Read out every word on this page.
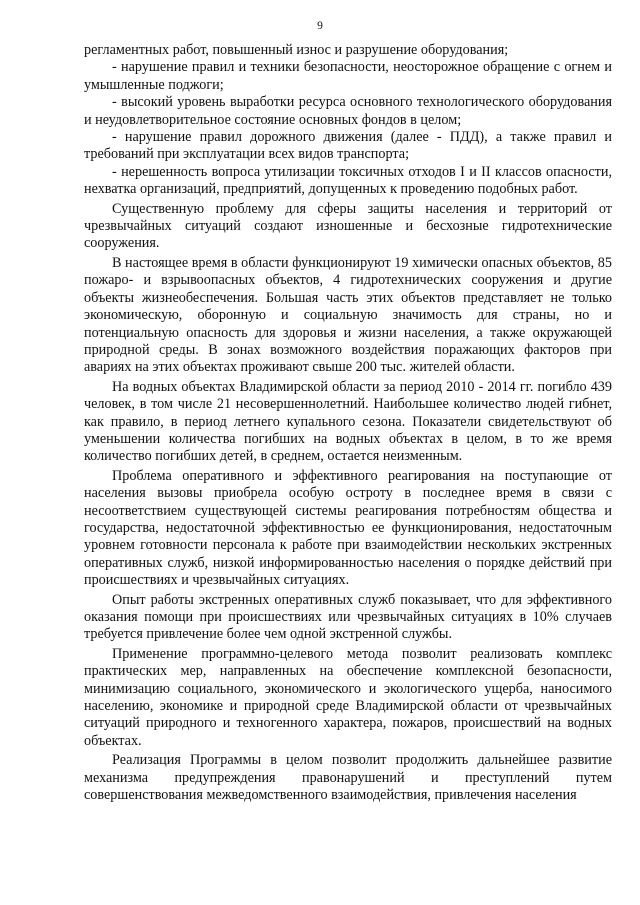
9

регламентных работ, повышенный износ и разрушение оборудования;

- нарушение правил и техники безопасности, неосторожное обращение с огнем и умышленные поджоги;

- высокий уровень выработки ресурса основного технологического оборудования и неудовлетворительное состояние основных фондов в целом;

- нарушение правил дорожного движения (далее - ПДД), а также правил и требований при эксплуатации всех видов транспорта;

- нерешенность вопроса утилизации токсичных отходов I и II классов опасности, нехватка организаций, предприятий, допущенных к проведению подобных работ.

Существенную проблему для сферы защиты населения и территорий от чрезвычайных ситуаций создают изношенные и бесхозные гидротехнические сооружения.

В настоящее время в области функционируют 19 химически опасных объектов, 85 пожаро- и взрывоопасных объектов, 4 гидротехнических сооружения и другие объекты жизнеобеспечения. Большая часть этих объектов представляет не только экономическую, оборонную и социальную значимость для страны, но и потенциальную опасность для здоровья и жизни населения, а также окружающей природной среды. В зонах возможного воздействия поражающих факторов при авариях на этих объектах проживают свыше 200 тыс. жителей области.

На водных объектах Владимирской области за период 2010 - 2014 гг. погибло 439 человек, в том числе 21 несовершеннолетний. Наибольшее количество людей гибнет, как правило, в период летнего купального сезона. Показатели свидетельствуют об уменьшении количества погибших на водных объектах в целом, в то же время количество погибших детей, в среднем, остается неизменным.

Проблема оперативного и эффективного реагирования на поступающие от населения вызовы приобрела особую остроту в последнее время в связи с несоответствием существующей системы реагирования потребностям общества и государства, недостаточной эффективностью ее функционирования, недостаточным уровнем готовности персонала к работе при взаимодействии нескольких экстренных оперативных служб, низкой информированностью населения о порядке действий при происшествиях и чрезвычайных ситуациях.

Опыт работы экстренных оперативных служб показывает, что для эффективного оказания помощи при происшествиях или чрезвычайных ситуациях в 10% случаев требуется привлечение более чем одной экстренной службы.

Применение программно-целевого метода позволит реализовать комплекс практических мер, направленных на обеспечение комплексной безопасности, минимизацию социального, экономического и экологического ущерба, наносимого населению, экономике и природной среде Владимирской области от чрезвычайных ситуаций природного и техногенного характера, пожаров, происшествий на водных объектах.

Реализация Программы в целом позволит продолжить дальнейшее развитие механизма предупреждения правонарушений и преступлений путем совершенствования межведомственного взаимодействия, привлечения населения
